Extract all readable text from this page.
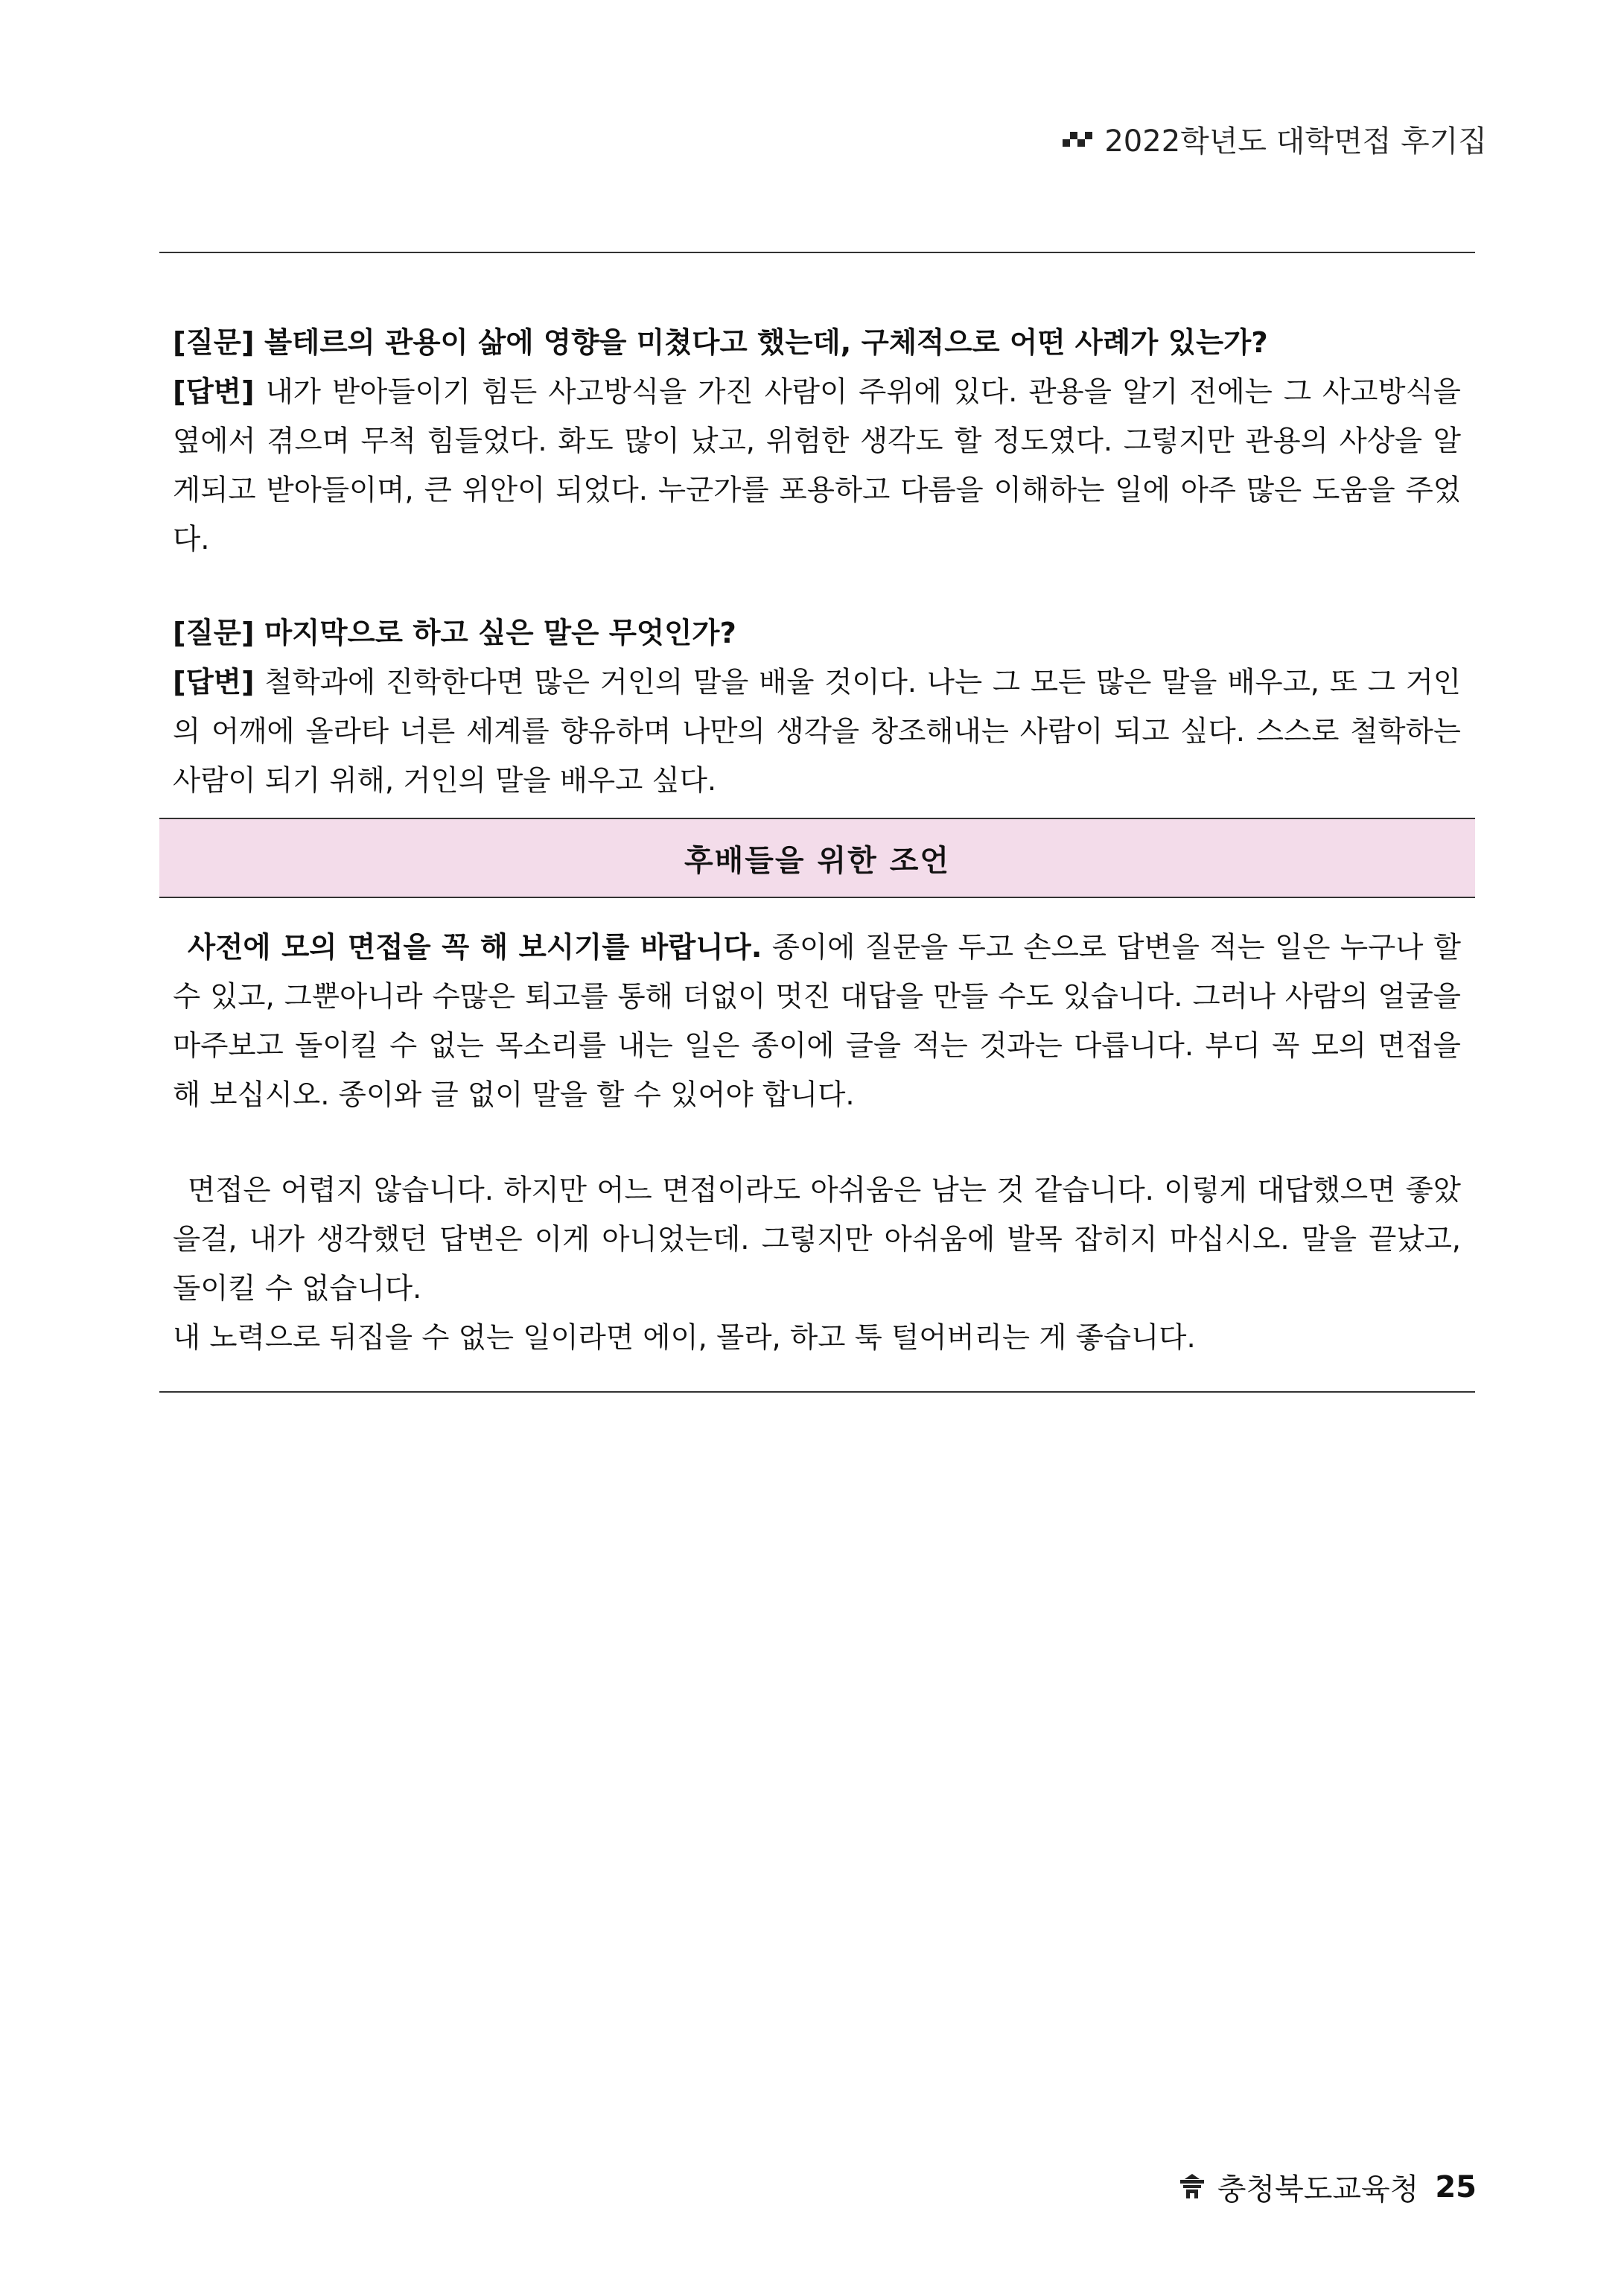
2022학년도 대학면접 후기집

[질문] 볼테르의 관용이 삶에 영향을 미쳤다고 했는데, 구체적으로 어떤 사례가 있는가?

[답변] 내가 받아들이기 힘든 사고방식을 가진 사람이 주위에 있다. 관용을 알기 전에는 그 사고방식을 옆에서 겪으며 무척 힘들었다. 화도 많이 났고, 위험한 생각도 할 정도였다. 그렇지만 관용의 사상을 알게되고 받아들이며, 큰 위안이 되었다. 누군가를 포용하고 다름을 이해하는 일에 아주 많은 도움을 주었다.

[질문] 마지막으로 하고 싶은 말은 무엇인가?

[답변] 철학과에 진학한다면 많은 거인의 말을 배울 것이다. 나는 그 모든 많은 말을 배우고, 또 그 거인의 어깨에 올라타 너른 세계를 향유하며 나만의 생각을 창조해내는 사람이 되고 싶다. 스스로 철학하는 사람이 되기 위해, 거인의 말을 배우고 싶다.

후배들을 위한 조언

사전에 모의 면접을 꼭 해 보시기를 바랍니다. 종이에 질문을 두고 손으로 답변을 적는 일은 누구나 할 수 있고, 그뿐아니라 수많은 퇴고를 통해 더없이 멋진 대답을 만들 수도 있습니다. 그러나 사람의 얼굴을 마주보고 돌이킬 수 없는 목소리를 내는 일은 종이에 글을 적는 것과는 다릅니다. 부디 꼭 모의 면접을 해 보십시오. 종이와 글 없이 말을 할 수 있어야 합니다.

면접은 어렵지 않습니다. 하지만 어느 면접이라도 아쉬움은 남는 것 같습니다. 이렇게 대답했으면 좋았을걸, 내가 생각했던 답변은 이게 아니었는데. 그렇지만 아쉬움에 발목 잡히지 마십시오. 말을 끝났고, 돌이킬 수 없습니다.

내 노력으로 뒤집을 수 없는 일이라면 에이, 몰라, 하고 툭 털어버리는 게 좋습니다.

충청북도교육청 25
